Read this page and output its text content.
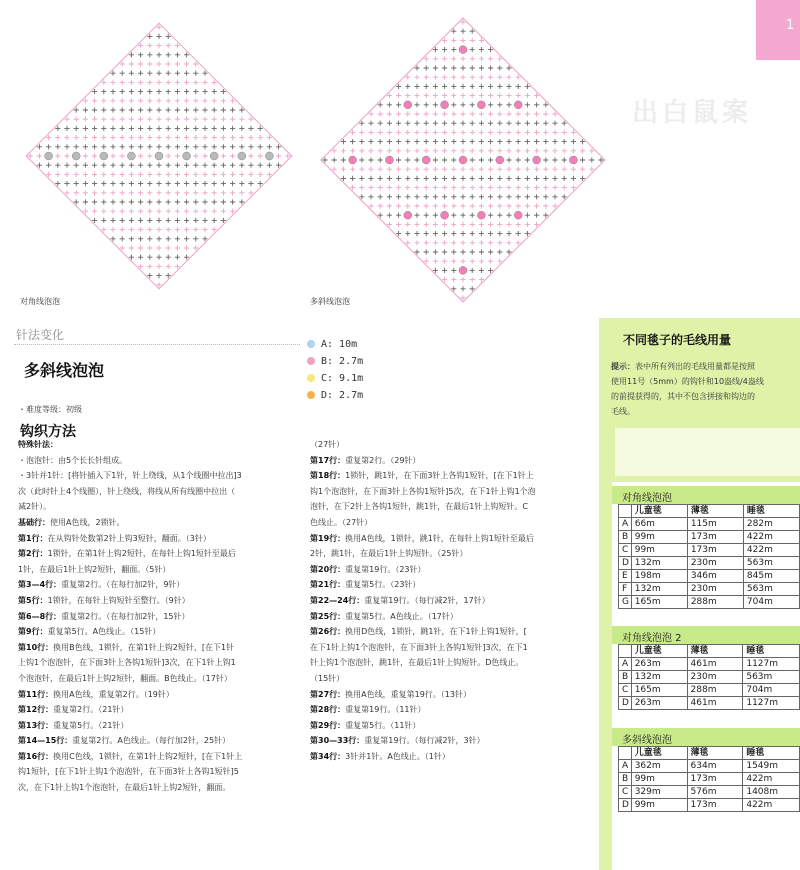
出白鼠案
1
对角线泡泡	多斜线泡泡
针法变化
多斜线泡泡
・难度等级：初级
钩织方法
特殊针法：
・泡泡针：由5个长长针组成。
・3针并1针：[将针插入下1针，针上绕线，从1个线圈中拉出]3
次（此时针上4个线圈），针上绕线，将线从所有线圈中拉出（
减2针）。
基础行：使用A色线，2锁针。
第1行：在从钩针处数第2针上钩3短针，翻面。（3针）
第2行：1锁针，在第1针上钩2短针，在每针上钩1短针至最后
1针，在最后1针上钩2短针，翻面。（5针）
第3—4行：重复第2行。（在每行加2针，9针）
第5行：1锁针，在每针上钩短针至整行。（9针）
第6—8行：重复第2行。（在每行加2针，15针）
第9行：重复第5行。A色线止。（15针）
第10行：换用B色线，1锁针，在第1针上钩2短针，[在下1针
上钩1个泡泡针，在下面3针上各钩1短针]3次，在下1针上钩1
个泡泡针，在最后1针上钩2短针，翻面。B色线止。（17针）
第11行：换用A色线，重复第2行。（19针）
第12行：重复第2行。（21针）
第13行：重复第5行。（21针）
第14—15行：重复第2行。A色线止。（每行加2针，25针）
第16行：换用C色线，1锁针，在第1针上钩2短针，[在下1针上
钩1短针，[在下1针上钩1个泡泡针，在下面3针上各钩1短针]5
次，在下1针上钩1个泡泡针，在最后1针上钩2短针，翻面。
（27针）
第17行：重复第2行。（29针）
第18行：1锁针，跳1针，在下面3针上各钩1短针，[在下1针上
钩1个泡泡针，在下面3针上各钩1短针]5次，在下1针上钩1个泡
泡针，在下2针上各钩1短针，跳1针，在最后1针上钩短针。C
色线止。（27针）
第19行：换用A色线，1锁针，跳1针，在每针上钩1短针至最后
2针，跳1针，在最后1针上钩短针。（25针）
第20行：重复第19行。（23针）
第21行：重复第5行。（23针）
第22—24行：重复第19行。（每行减2针，17针）
第25行：重复第5行。A色线止。（17针）
第26行：换用D色线，1锁针，跳1针，在下1针上钩1短针，[
在下1针上钩1个泡泡针，在下面3针上各钩1短针]3次，在下1
针上钩1个泡泡针，跳1针，在最后1针上钩短针。D色线止。
（15针）
第27行：换用A色线，重复第19行。（13针）
第28行：重复第19行。（11针）
第29行：重复第5行。（11针）
第30—33行：重复第19行。（每行减2针，3针）
第34行：3针并1针。A色线止。（1针）
A: 10m
B: 2.7m
C: 9.1m
D: 2.7m
不同毯子的毛线用量
提示：表中所有列出的毛线用量都是按照
使用11号（5mm）的钩针和10盎线/4盎线
的前提获得的，其中不包含拼接和钩边的
毛线。
对角线泡泡
	儿童毯	薄毯	睡毯
A	66m	115m	282m
B	99m	173m	422m
C	99m	173m	422m
D	132m	230m	563m
E	198m	346m	845m
F	132m	230m	563m
G	165m	288m	704m
对角线泡泡 2
	儿童毯	薄毯	睡毯
A	263m	461m	1127m
B	132m	230m	563m
C	165m	288m	704m
D	263m	461m	1127m
多斜线泡泡
	儿童毯	薄毯	睡毯
A	362m	634m	1549m
B	99m	173m	422m
C	329m	576m	1408m
D	99m	173m	422m
